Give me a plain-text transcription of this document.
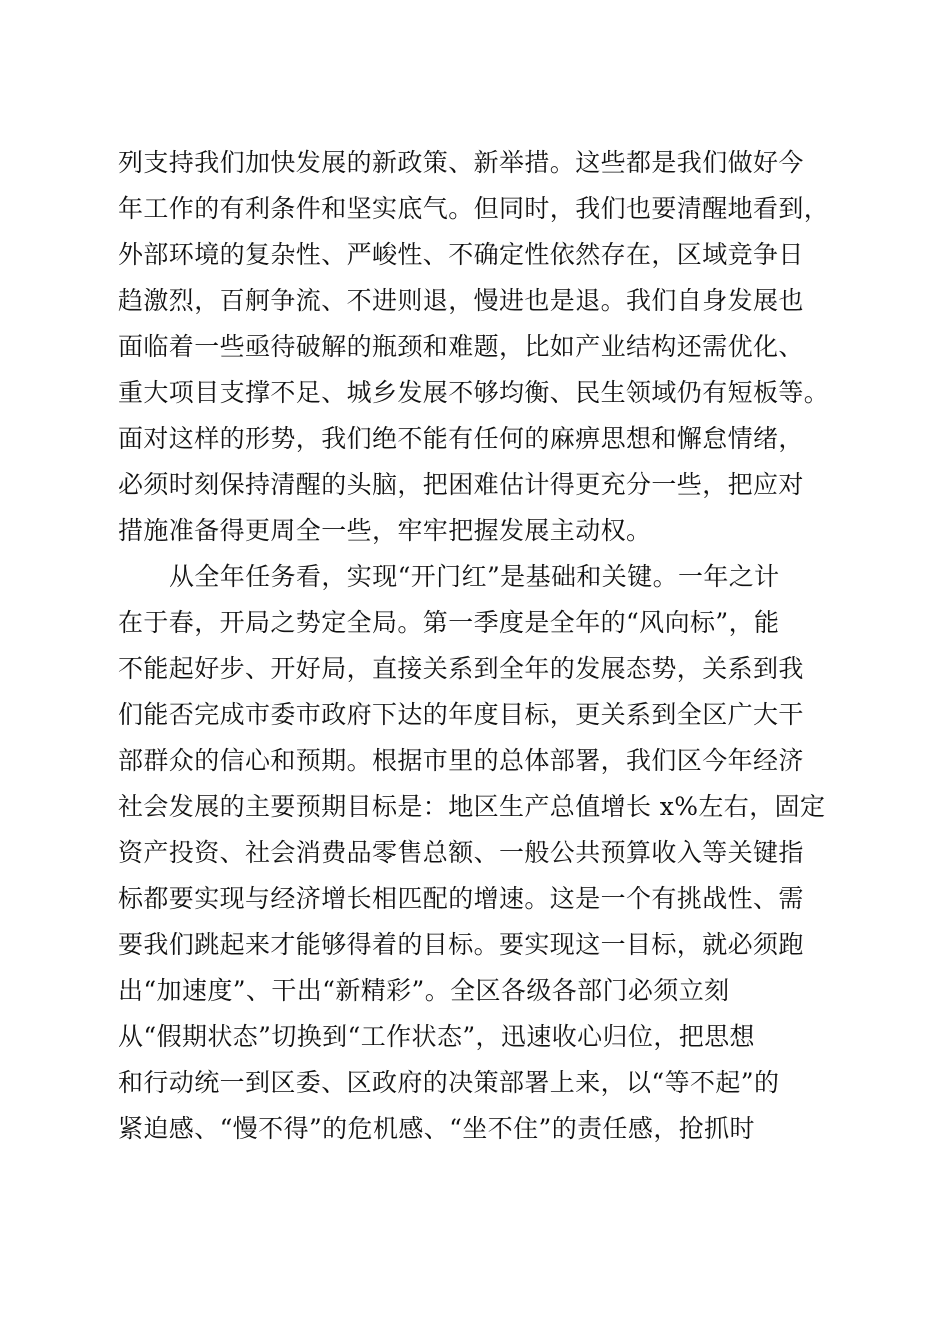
列支持我们加快发展的新政策、新举措。这些都是我们做好今
年工作的有利条件和坚实底气。但同时，我们也要清醒地看到，
外部环境的复杂性、严峻性、不确定性依然存在，区域竞争日
趋激烈，百舸争流、不进则退，慢进也是退。我们自身发展也
面临着一些亟待破解的瓶颈和难题，比如产业结构还需优化、
重大项目支撑不足、城乡发展不够均衡、民生领域仍有短板等。
面对这样的形势，我们绝不能有任何的麻痹思想和懈怠情绪，
必须时刻保持清醒的头脑，把困难估计得更充分一些，把应对
措施准备得更周全一些，牢牢把握发展主动权。
从全年任务看，实现“开门红”是基础和关键。一年之计
在于春，开局之势定全局。第一季度是全年的“风向标”，能
不能起好步、开好局，直接关系到全年的发展态势，关系到我
们能否完成市委市政府下达的年度目标，更关系到全区广大干
部群众的信心和预期。根据市里的总体部署，我们区今年经济
社会发展的主要预期目标是：地区生产总值增长 x%左右，固定
资产投资、社会消费品零售总额、一般公共预算收入等关键指
标都要实现与经济增长相匹配的增速。这是一个有挑战性、需
要我们跳起来才能够得着的目标。要实现这一目标，就必须跑
出“加速度”、干出“新精彩”。全区各级各部门必须立刻
从“假期状态”切换到“工作状态”，迅速收心归位，把思想
和行动统一到区委、区政府的决策部署上来，以“等不起”的
紧迫感、“慢不得”的危机感、“坐不住”的责任感，抢抓时
